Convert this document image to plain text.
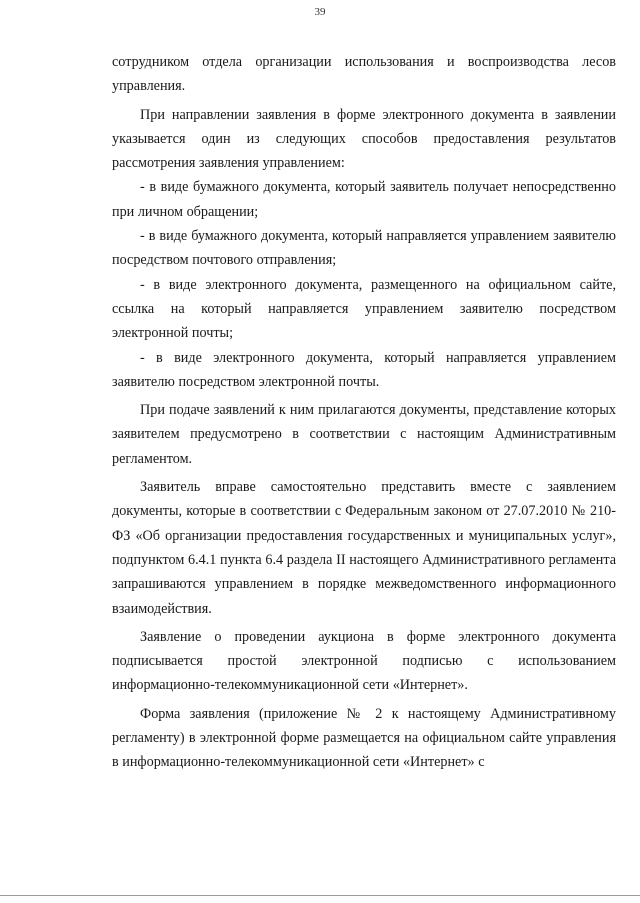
39

сотрудником отдела организации использования и воспроизводства лесов управления.

При направлении заявления в форме электронного документа в заявлении указывается один из следующих способов предоставления результатов рассмотрения заявления управлением:

- в виде бумажного документа, который заявитель получает непосредственно при личном обращении;

- в виде бумажного документа, который направляется управлением заявителю посредством почтового отправления;

- в виде электронного документа, размещенного на официальном сайте, ссылка на который направляется управлением заявителю посредством электронной почты;

- в виде электронного документа, который направляется управлением заявителю посредством электронной почты.

При подаче заявлений к ним прилагаются документы, представление которых заявителем предусмотрено в соответствии с настоящим Административным регламентом.

Заявитель вправе самостоятельно представить вместе с заявлением документы, которые в соответствии с Федеральным законом от 27.07.2010 № 210-ФЗ «Об организации предоставления государственных и муниципальных услуг», подпунктом 6.4.1 пункта 6.4 раздела II настоящего Административного регламента запрашиваются управлением в порядке межведомственного информационного взаимодействия.

Заявление о проведении аукциона в форме электронного документа подписывается простой электронной подписью с использованием информационно-телекоммуникационной сети «Интернет».

Форма заявления (приложение № 2 к настоящему Административному регламенту) в электронной форме размещается на официальном сайте управления в информационно-телекоммуникационной сети «Интернет» с
